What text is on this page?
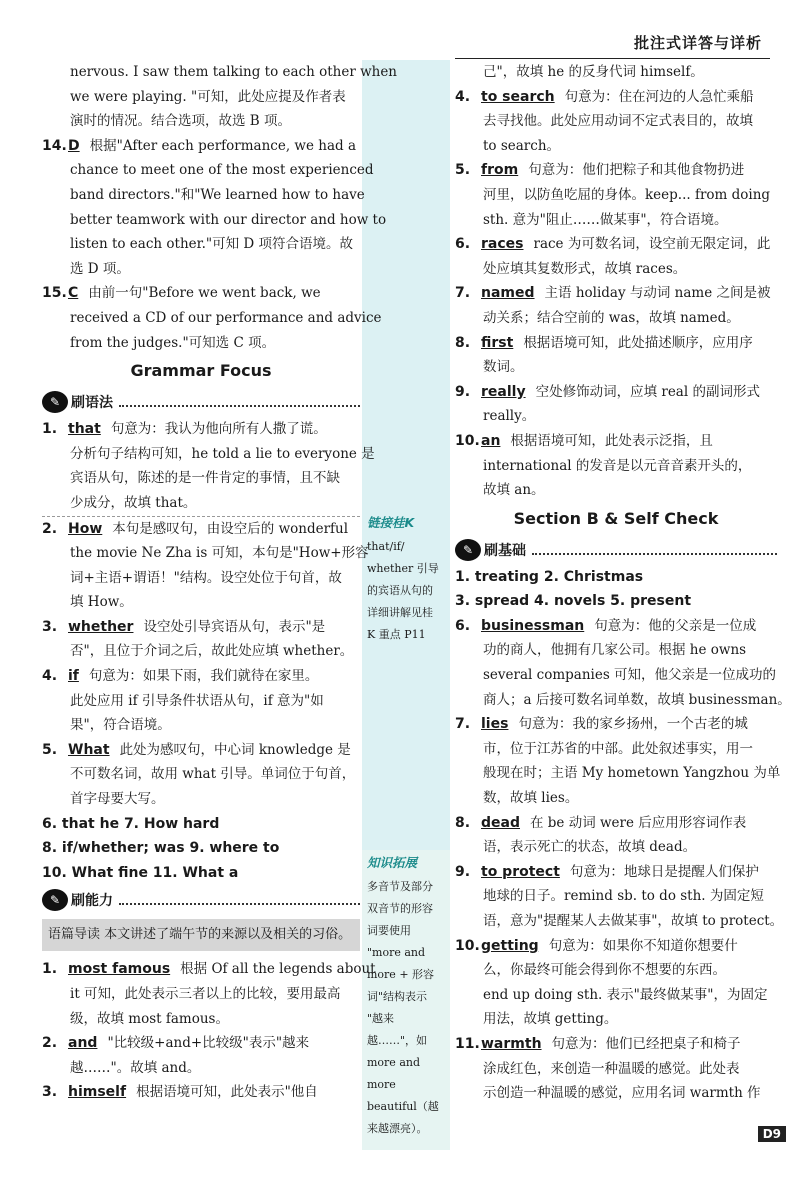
批注式详答与详析
链接桂K
that/if/
whether 引导
的宾语从句的
详细讲解见桂
K 重点 P11
知识拓展
多音节及部分
双音节的形容
词要使用
"more and
more + 形容
词"结构表示
"越来
越……"，如
more and more
beautiful（越
来越漂亮）。
nervous. I saw them talking to each other when
we were playing. "可知，此处应提及作者表
演时的情况。结合选项，故选 B 项。
14.D 根据"After each performance, we had a
chance to meet one of the most experienced
band directors."和"We learned how to have
better teamwork with our director and how to
listen to each other."可知 D 项符合语境。故
选 D 项。
15.C 由前一句"Before we went back, we
received a CD of our performance and advice
from the judges."可知选 C 项。
Grammar Focus
✎ 刷语法
1. that 句意为：我认为他向所有人撒了谎。
分析句子结构可知，he told a lie to everyone 是
宾语从句，陈述的是一件肯定的事情，且不缺
少成分，故填 that。
2. How 本句是感叹句，由设空后的 wonderful
the movie Ne Zha is 可知，本句是"How+形容
词+主语+谓语！"结构。设空处位于句首，故
填 How。
3. whether 设空处引导宾语从句，表示"是
否"，且位于介词之后，故此处应填 whether。
4. if 句意为：如果下雨，我们就待在家里。
此处应用 if 引导条件状语从句，if 意为"如
果"，符合语境。
5. What 此处为感叹句，中心词 knowledge 是
不可数名词，故用 what 引导。单词位于句首，
首字母要大写。
6. that he 7. How hard
8. if/whether; was 9. where to
10. What fine 11. What a
✎ 刷能力
语篇导读 本文讲述了端午节的来源以及相关的习俗。
1. most famous 根据 Of all the legends about
it 可知，此处表示三者以上的比较，要用最高
级，故填 most famous。
2. and "比较级+and+比较级"表示"越来
越……"。故填 and。
3. himself 根据语境可知，此处表示"他自
己"，故填 he 的反身代词 himself。
4. to search 句意为：住在河边的人急忙乘船
去寻找他。此处应用动词不定式表目的，故填
to search。
5. from 句意为：他们把粽子和其他食物扔进
河里，以防鱼吃屈的身体。keep... from doing
sth. 意为"阻止……做某事"，符合语境。
6. races race 为可数名词，设空前无限定词，此
处应填其复数形式，故填 races。
7. named 主语 holiday 与动词 name 之间是被
动关系；结合空前的 was，故填 named。
8. first 根据语境可知，此处描述顺序，应用序
数词。
9. really 空处修饰动词，应填 real 的副词形式
really。
10.an 根据语境可知，此处表示泛指，且
international 的发音是以元音音素开头的，
故填 an。
Section B & Self Check
✎ 刷基础
1. treating 2. Christmas
3. spread 4. novels 5. present
6. businessman 句意为：他的父亲是一位成
功的商人，他拥有几家公司。根据 he owns
several companies 可知，他父亲是一位成功的
商人；a 后接可数名词单数，故填 businessman。
7. lies 句意为：我的家乡扬州，一个古老的城
市，位于江苏省的中部。此处叙述事实，用一
般现在时；主语 My hometown Yangzhou 为单
数，故填 lies。
8. dead 在 be 动词 were 后应用形容词作表
语，表示死亡的状态，故填 dead。
9. to protect 句意为：地球日是提醒人们保护
地球的日子。remind sb. to do sth. 为固定短
语，意为"提醒某人去做某事"，故填 to protect。
10.getting 句意为：如果你不知道你想要什
么，你最终可能会得到你不想要的东西。
end up doing sth. 表示"最终做某事"，为固定
用法，故填 getting。
11.warmth 句意为：他们已经把桌子和椅子
涂成红色，来创造一种温暖的感觉。此处表
示创造一种温暖的感觉，应用名词 warmth 作
D9
